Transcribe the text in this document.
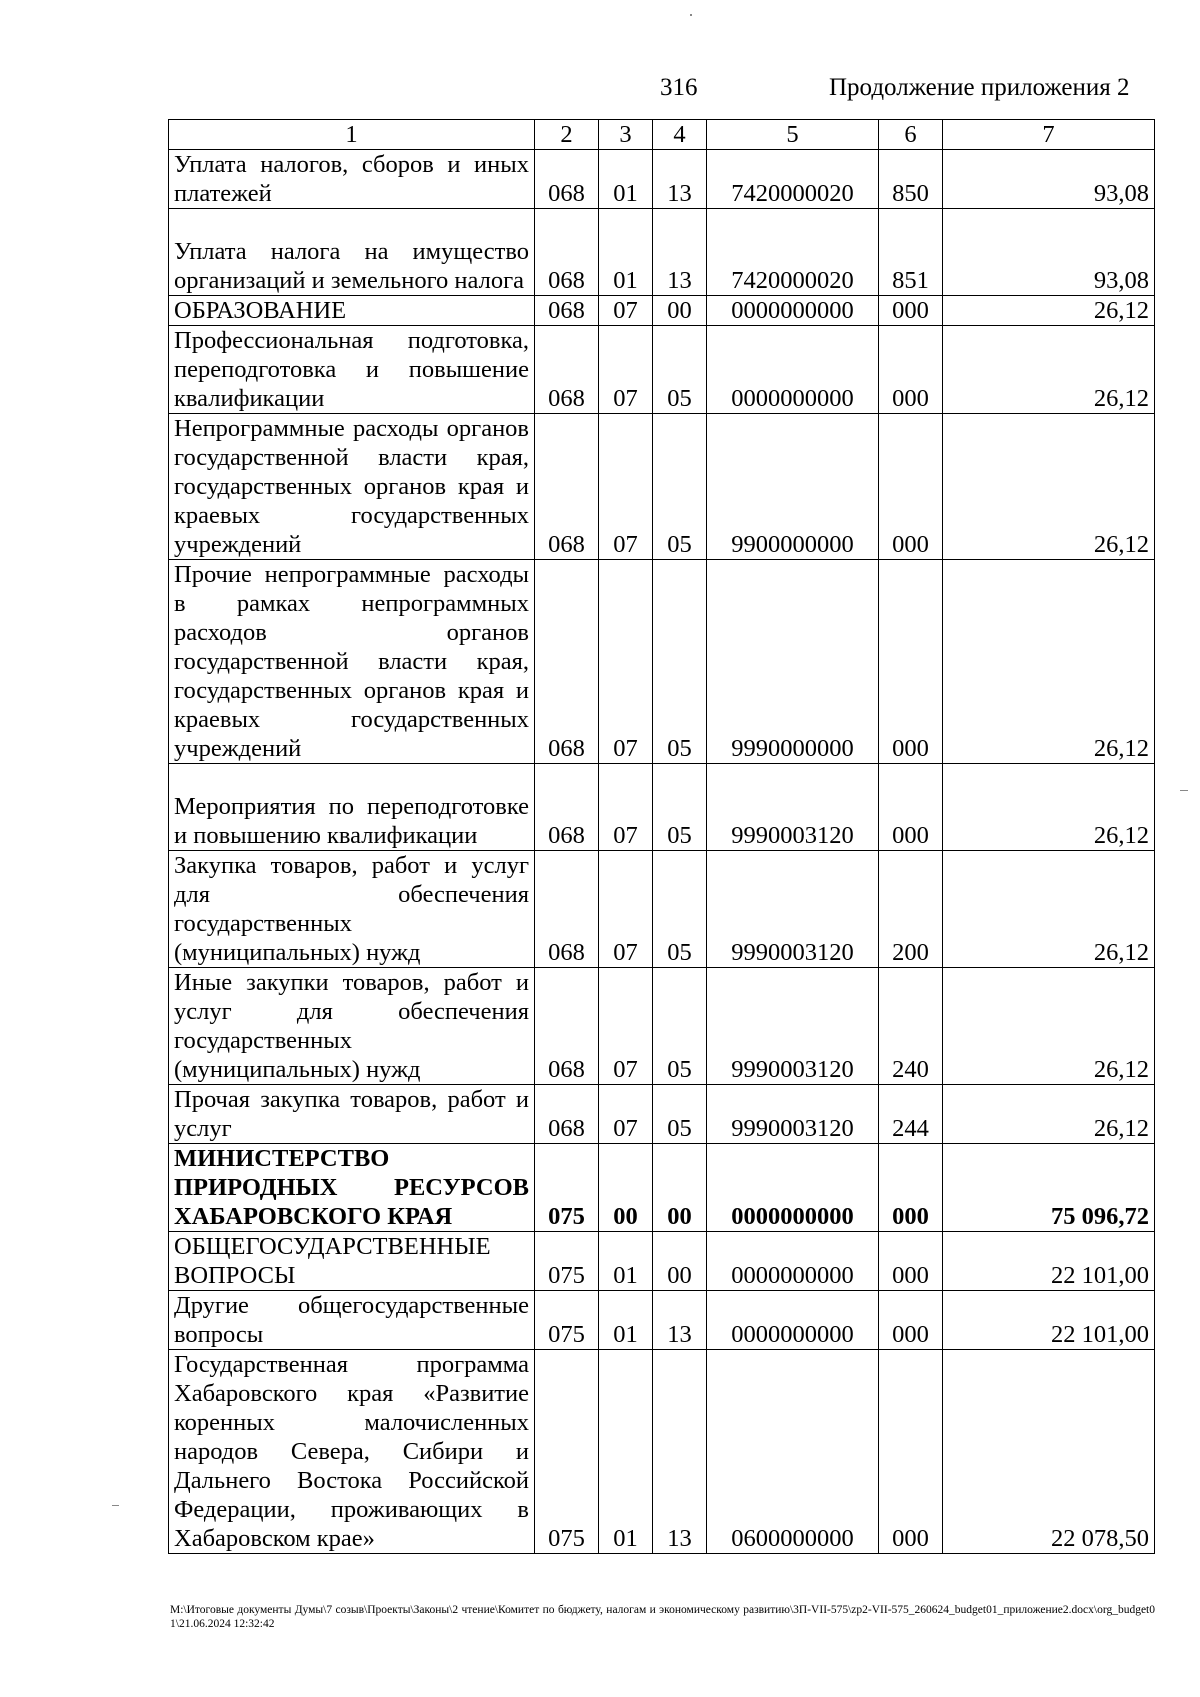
316	Продолжение приложения 2
1	2	3	4	5	6	7
Уплата налогов, сборов и иных платежей	068	01	13	7420000020	850	93,08
Уплата налога на имущество организаций и земельного налога	068	01	13	7420000020	851	93,08
ОБРАЗОВАНИЕ	068	07	00	0000000000	000	26,12
Профессиональная подготовка, переподготовка и повышение квалификации	068	07	05	0000000000	000	26,12
Непрограммные расходы органов государственной власти края, государственных органов края и краевых государственных учреждений	068	07	05	9900000000	000	26,12
Прочие непрограммные расходы в рамках непрограммных расходов органов государственной власти края, государственных органов края и краевых государственных учреждений	068	07	05	9990000000	000	26,12
Мероприятия по переподготовке и повышению квалификации	068	07	05	9990003120	000	26,12
Закупка товаров, работ и услуг для обеспечения государственных (муниципальных) нужд	068	07	05	9990003120	200	26,12
Иные закупки товаров, работ и услуг для обеспечения государственных (муниципальных) нужд	068	07	05	9990003120	240	26,12
Прочая закупка товаров, работ и услуг	068	07	05	9990003120	244	26,12
МИНИСТЕРСТВО ПРИРОДНЫХ РЕСУРСОВ ХАБАРОВСКОГО КРАЯ	075	00	00	0000000000	000	75 096,72
ОБЩЕГОСУДАРСТВЕННЫЕ ВОПРОСЫ	075	01	00	0000000000	000	22 101,00
Другие общегосударственные вопросы	075	01	13	0000000000	000	22 101,00
Государственная программа Хабаровского края «Развитие коренных малочисленных народов Севера, Сибири и Дальнего Востока Российской Федерации, проживающих в Хабаровском крае»	075	01	13	0600000000	000	22 078,50
M:\Итоговые документы Думы\7 созыв\Проекты\Законы\2 чтение\Комитет по бюджету, налогам и экономическому развитию\3П-VII-575\zp2-VII-575_260624_budget01_приложение2.docx\org_budget01\21.06.2024 12:32:42
